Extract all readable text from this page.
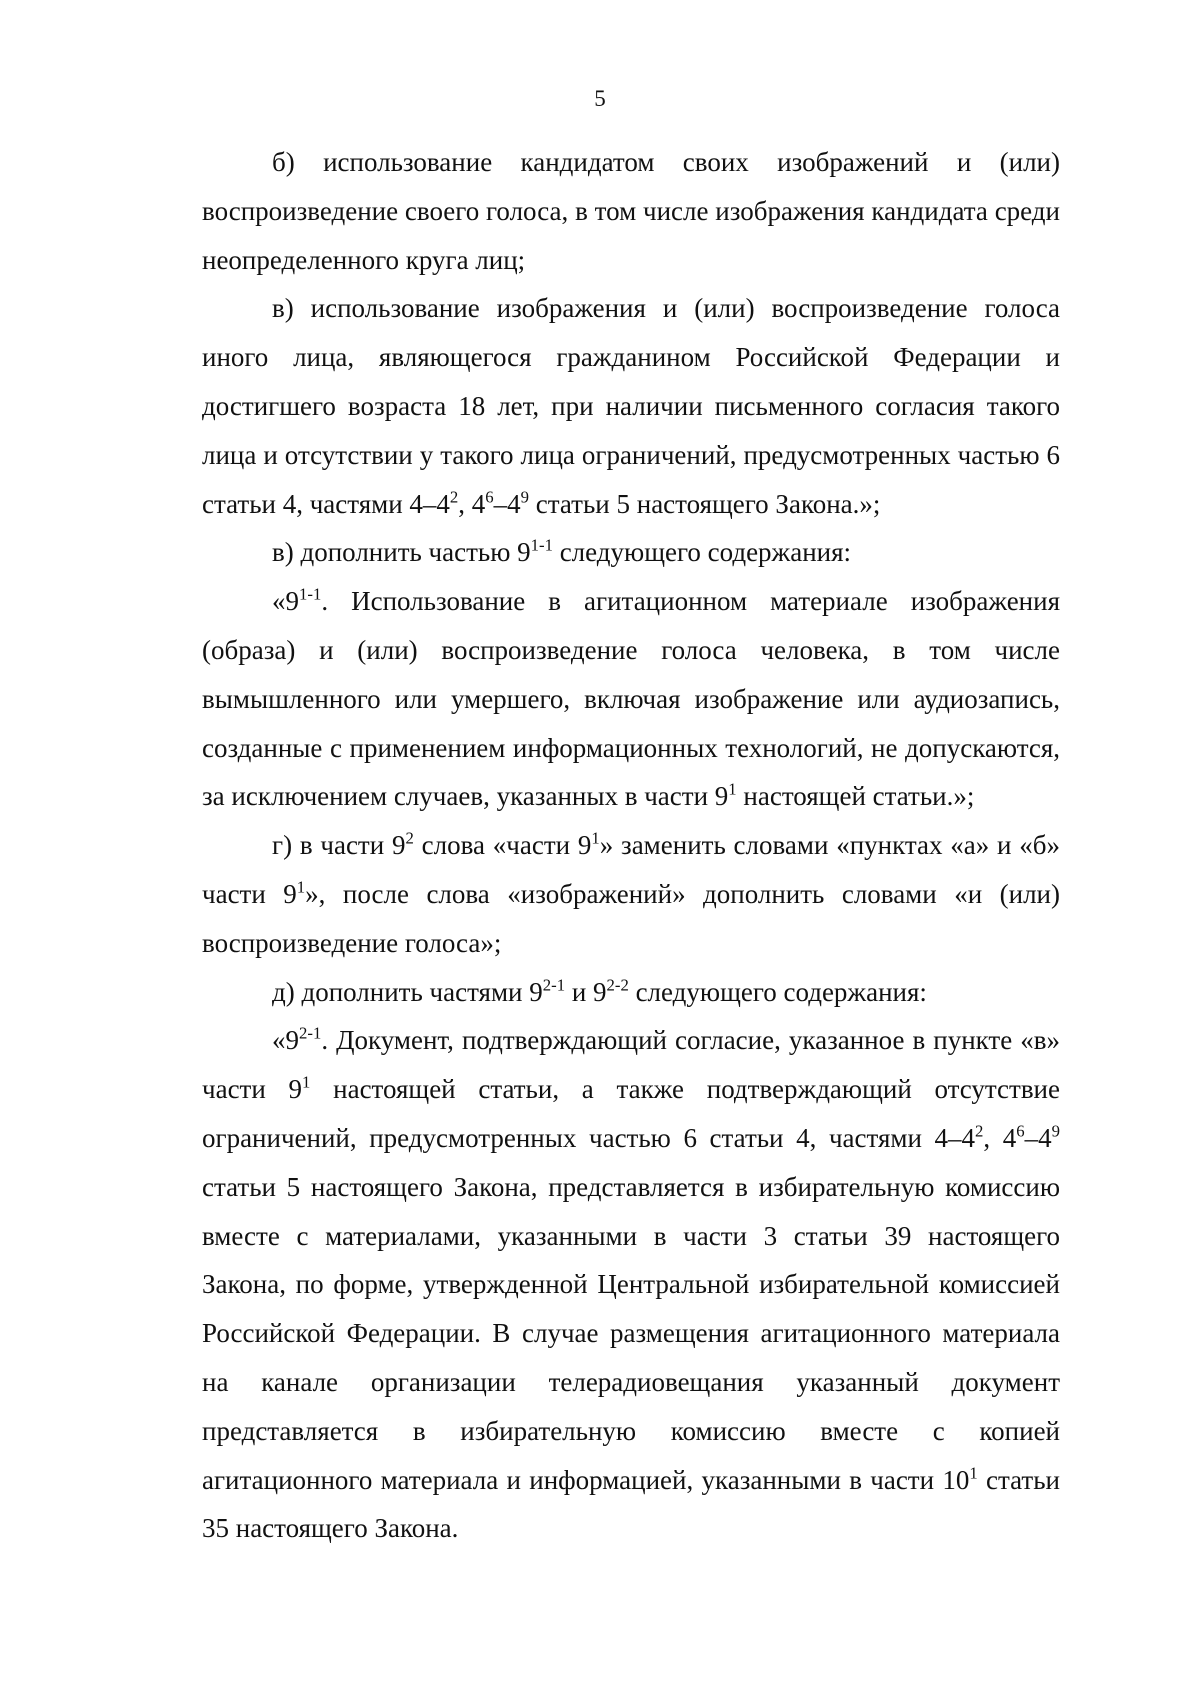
5

б) использование кандидатом своих изображений и (или) воспроизведение своего голоса, в том числе изображения кандидата среди неопределенного круга лиц;

в) использование изображения и (или) воспроизведение голоса иного лица, являющегося гражданином Российской Федерации и достигшего возраста 18 лет, при наличии письменного согласия такого лица и отсутствии у такого лица ограничений, предусмотренных частью 6 статьи 4, частями $4-4^2$, $4^6-4^9$ статьи 5 настоящего Закона.»;

в) дополнить частью 9$^{1-1}$ следующего содержания:

«9$^{1-1}$. Использование в агитационном материале изображения (образа) и (или) воспроизведение голоса человека, в том числе вымышленного или умершего, включая изображение или аудиозапись, созданные с применением информационных технологий, не допускаются, за исключением случаев, указанных в части $9^1$ настоящей статьи.»;

г) в части $9^2$ слова «части $9^1$» заменить словами «пунктах «а» и «б» части $9^1$», после слова «изображений» дополнить словами «и (или) воспроизведение голоса»;

д) дополнить частями 9$^{2-1}$ и 9$^{2-2}$ следующего содержания:

«9$^{2-1}$. Документ, подтверждающий согласие, указанное в пункте «в» части $9^1$ настоящей статьи, а также подтверждающий отсутствие ограничений, предусмотренных частью 6 статьи 4, частями $4-4^2$, $4^6-4^9$ статьи 5 настоящего Закона, представляется в избирательную комиссию вместе с материалами, указанными в части 3 статьи 39 настоящего Закона, по форме, утвержденной Центральной избирательной комиссией Российской Федерации. В случае размещения агитационного материала на канале организации телерадиовещания указанный документ представляется в избирательную комиссию вместе с копией агитационного материала и информацией, указанными в части $10^1$ статьи 35 настоящего Закона.
